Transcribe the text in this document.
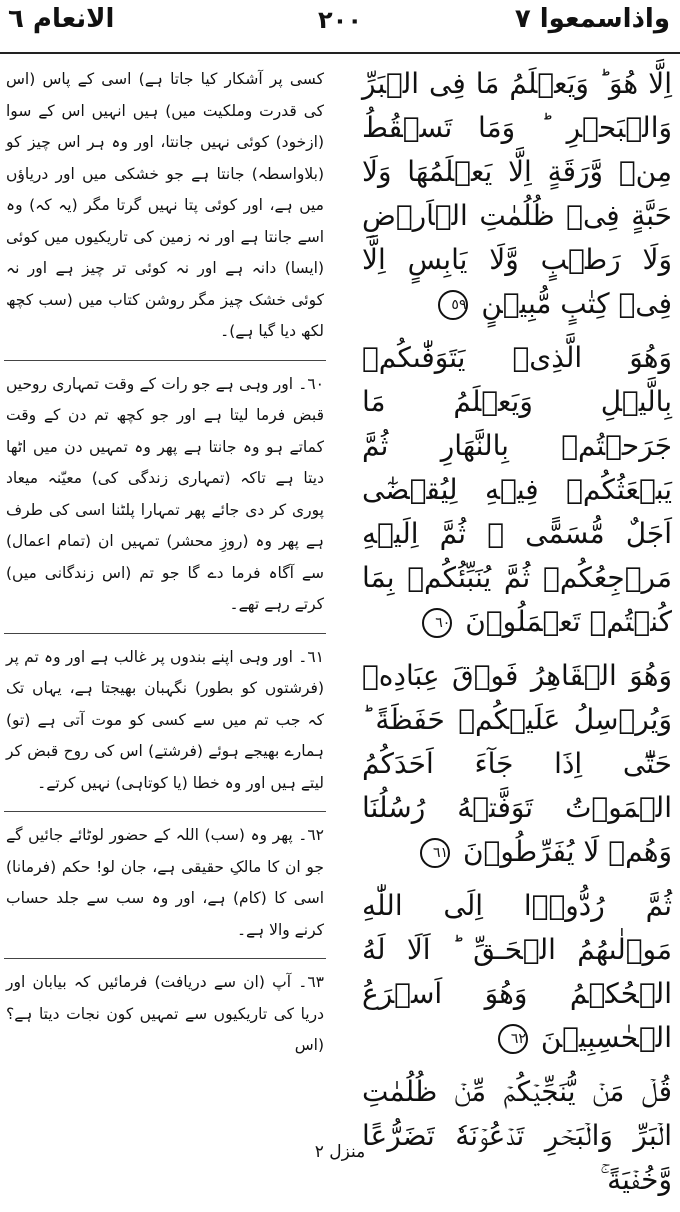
واذاسمعوا ٧
٢٠٠
الانعام ٦

اِلَّا هُوَ ؕ وَيَعۡلَمُ مَا فِى الۡبَرِّ وَالۡبَحۡرِ ؕ وَمَا تَسۡقُطُ مِنۡ وَّرَقَةٍ اِلَّا يَعۡلَمُهَا وَلَا حَبَّةٍ فِىۡ ظُلُمٰتِ الۡاَرۡضِ وَلَا رَطۡبٍ وَّلَا يَابِسٍ اِلَّا فِىۡ كِتٰبٍ مُّبِيۡنٍ ٥٩

وَهُوَ الَّذِىۡ يَتَوَفّٰٮكُمۡ بِالَّيۡلِ وَيَعۡلَمُ مَا جَرَحۡتُمۡ بِالنَّهَارِ ثُمَّ يَبۡعَثُكُمۡ فِيۡهِ لِيُقۡضٰٓى اَجَلٌ مُّسَمًّى ۚ ثُمَّ اِلَيۡهِ مَرۡجِعُكُمۡ ثُمَّ يُنَبِّئُكُمۡ بِمَا كُنۡتُمۡ تَعۡمَلُوۡنَ ٦٠

وَهُوَ الۡقَاهِرُ فَوۡقَ عِبَادِهٖ وَيُرۡسِلُ عَلَيۡكُمۡ حَفَظَةً ؕ حَتّٰٓى اِذَا جَآءَ اَحَدَكُمُ الۡمَوۡتُ تَوَفَّتۡهُ رُسُلُنَا وَهُمۡ لَا يُفَرِّطُوۡنَ ٦١

ثُمَّ رُدُّوۡۤا اِلَى اللّٰهِ مَوۡلٰٮهُمُ الۡحَـقِّ ؕ اَلَا لَهُ الۡحُكۡمُ وَهُوَ اَسۡرَعُ الۡحٰسِبِيۡنَ ٦٢

قُلۡ مَنۡ يُّنَجِّيۡكُمۡ مِّنۡ ظُلُمٰتِ الۡبَرِّ وَالۡبَحۡرِ تَدۡعُوۡنَهٗ تَضَرُّعًا وَّخُفۡيَةً ۚ

کسی پر آشکار کیا جاتا ہے) اسی کے پاس (اس کی قدرت وملکیت میں) ہیں انہیں اس کے سوا (ازخود) کوئی نہیں جانتا، اور وہ ہر اس چیز کو (بلاواسطہ) جانتا ہے جو خشکی میں اور دریاؤں میں ہے، اور کوئی پتا نہیں گرتا مگر (یہ کہ) وہ اسے جانتا ہے اور نہ زمین کی تاریکیوں میں کوئی (ایسا) دانہ ہے اور نہ کوئی تر چیز ہے اور نہ کوئی خشک چیز مگر روشن کتاب میں (سب کچھ لکھ دیا گیا ہے)۔

٦٠۔ اور وہی ہے جو رات کے وقت تمہاری روحیں قبض فرما لیتا ہے اور جو کچھ تم دن کے وقت کماتے ہو وہ جانتا ہے پھر وہ تمہیں دن میں اٹھا دیتا ہے تاکہ (تمہاری زندگی کی) معیّنہ میعاد پوری کر دی جائے پھر تمہارا پلٹنا اسی کی طرف ہے پھر وہ (روزِ محشر) تمہیں ان (تمام اعمال) سے آگاہ فرما دے گا جو تم (اس زندگانی میں) کرتے رہے تھے۔

٦١۔ اور وہی اپنے بندوں پر غالب ہے اور وہ تم پر (فرشتوں کو بطور) نگہبان بھیجتا ہے، یہاں تک کہ جب تم میں سے کسی کو موت آتی ہے (تو) ہمارے بھیجے ہوئے (فرشتے) اس کی روح قبض کر لیتے ہیں اور وہ خطا (یا کوتاہی) نہیں کرتے۔

٦٢۔ پھر وہ (سب) اللہ کے حضور لوٹائے جائیں گے جو ان کا مالکِ حقیقی ہے، جان لو! حکم (فرمانا) اسی کا (کام) ہے، اور وہ سب سے جلد حساب کرنے والا ہے۔

٦٣۔ آپ (ان سے دریافت) فرمائیں کہ بیابان اور دریا کی تاریکیوں سے تمہیں کون نجات دیتا ہے؟ (اس

منزل ٢
